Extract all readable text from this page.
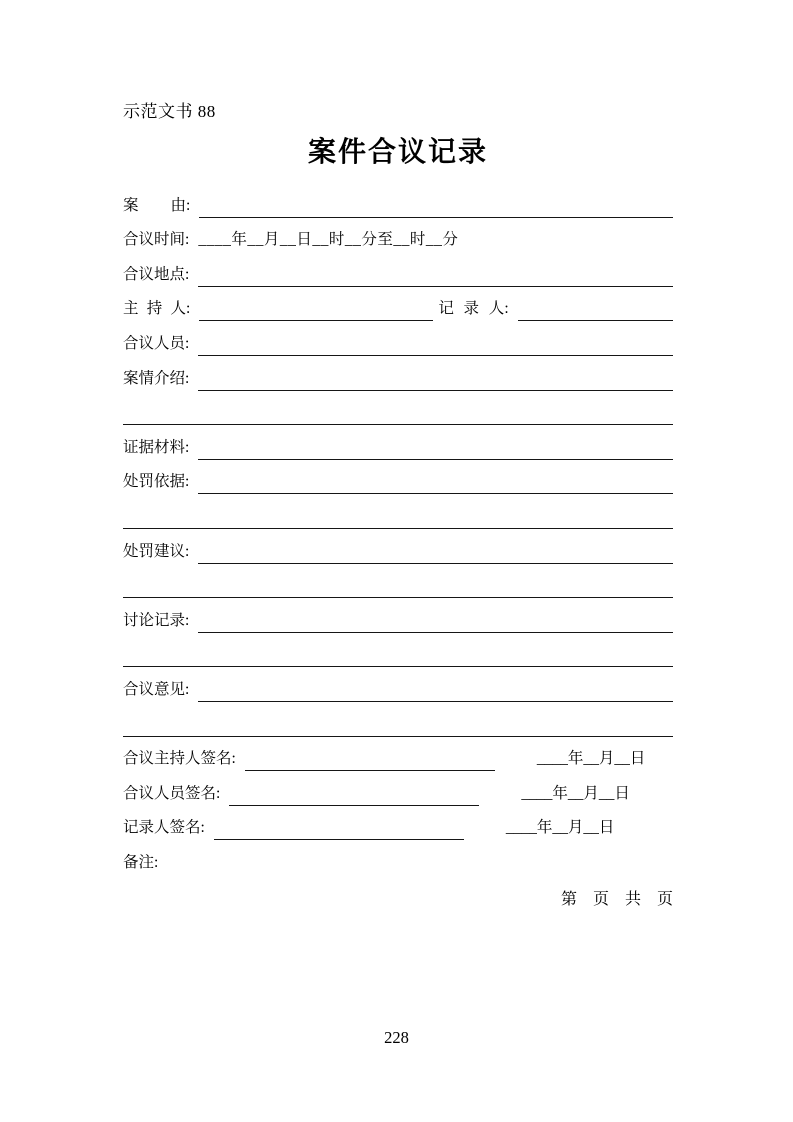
示范文书 88
案件合议记录
案由 :
合议时间 : ____年__月__日__时__分至__时__分
合议地点 :
主持人 :	记录人 :
合议人员 :
案情介绍 :
证据材料 :
处罚依据 :
处罚建议 :
讨论记录 :
合议意见 :
合议主持人签名 :	____年__月__日
合议人员签名 :	____年__月__日
记录人签名 :	____年__月__日
备注 :
第　页　共　页
228
